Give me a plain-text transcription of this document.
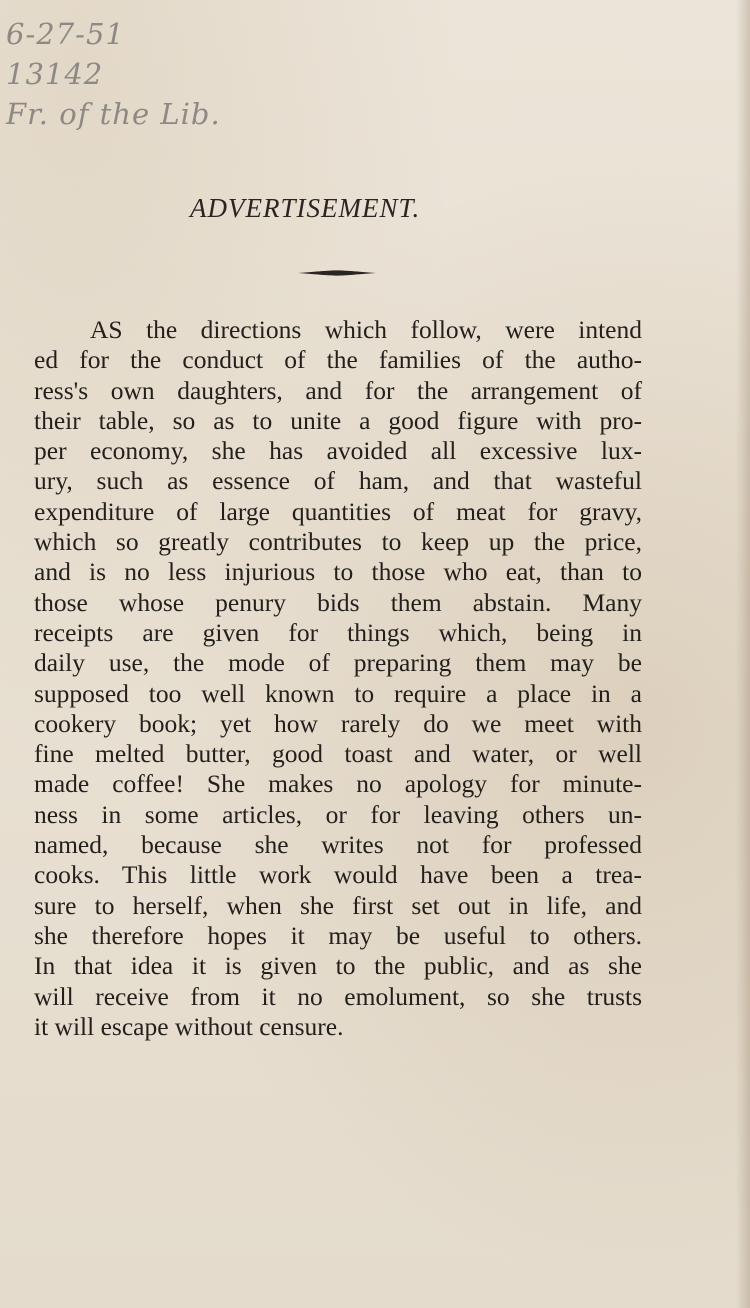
6-27-51
13142
Fr. of the Lib.
ADVERTISEMENT.
AS the directions which follow, were intend
ed for the conduct of the families of the autho-
ress's own daughters, and for the arrangement of
their table, so as to unite a good figure with pro-
per economy, she has avoided all excessive lux-
ury, such as essence of ham, and that wasteful
expenditure of large quantities of meat for gravy,
which so greatly contributes to keep up the price,
and is no less injurious to those who eat, than to
those whose penury bids them abstain. Many
receipts are given for things which, being in
daily use, the mode of preparing them may be
supposed too well known to require a place in a
cookery book; yet how rarely do we meet with
fine melted butter, good toast and water, or well
made coffee! She makes no apology for minute-
ness in some articles, or for leaving others un-
named, because she writes not for professed
cooks. This little work would have been a trea-
sure to herself, when she first set out in life, and
she therefore hopes it may be useful to others.
In that idea it is given to the public, and as she
will receive from it no emolument, so she trusts
it will escape without censure.
